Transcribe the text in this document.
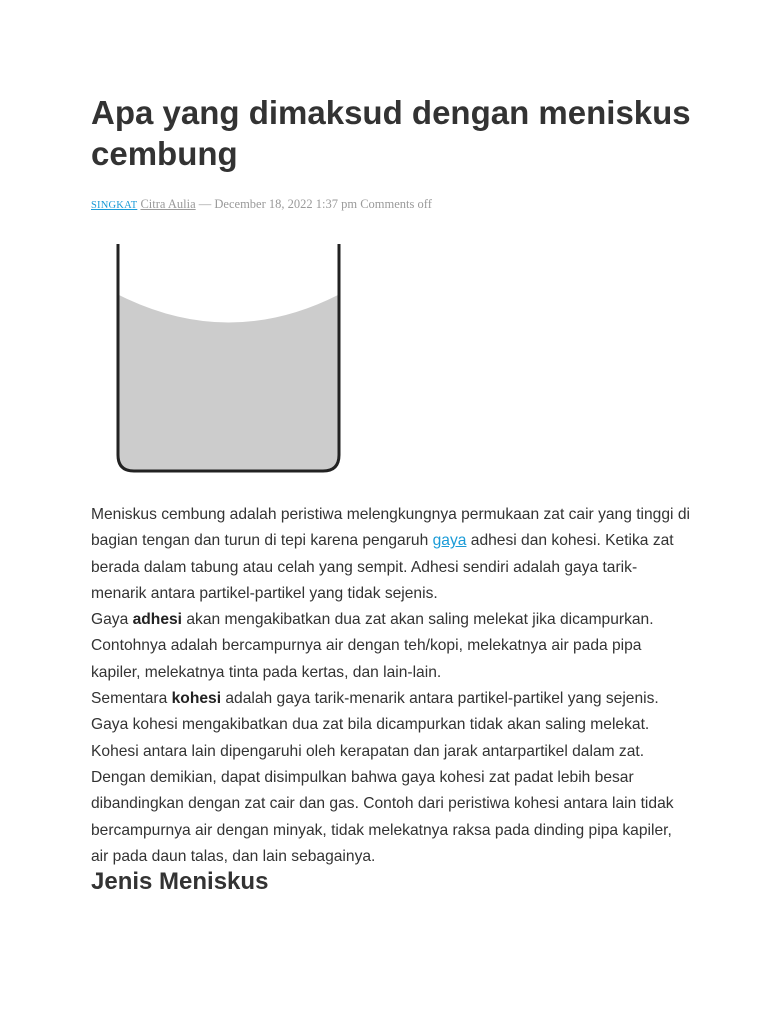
Apa yang dimaksud dengan meniskus cembung
SINGKAT Citra Aulia — December 18, 2022 1:37 pm Comments off

Meniskus cembung adalah peristiwa melengkungnya permukaan zat cair yang tinggi di bagian tengan dan turun di tepi karena pengaruh gaya adhesi dan kohesi. Ketika zat berada dalam tabung atau celah yang sempit. Adhesi sendiri adalah gaya tarik-menarik antara partikel-partikel yang tidak sejenis.

Gaya adhesi akan mengakibatkan dua zat akan saling melekat jika dicampurkan. Contohnya adalah bercampurnya air dengan teh/kopi, melekatnya air pada pipa kapiler, melekatnya tinta pada kertas, dan lain-lain.

Sementara kohesi adalah gaya tarik-menarik antara partikel-partikel yang sejenis. Gaya kohesi mengakibatkan dua zat bila dicampurkan tidak akan saling melekat. Kohesi antara lain dipengaruhi oleh kerapatan dan jarak antarpartikel dalam zat. Dengan demikian, dapat disimpulkan bahwa gaya kohesi zat padat lebih besar dibandingkan dengan zat cair dan gas. Contoh dari peristiwa kohesi antara lain tidak bercampurnya air dengan minyak, tidak melekatnya raksa pada dinding pipa kapiler, air pada daun talas, dan lain sebagainya.

Jenis Meniskus
